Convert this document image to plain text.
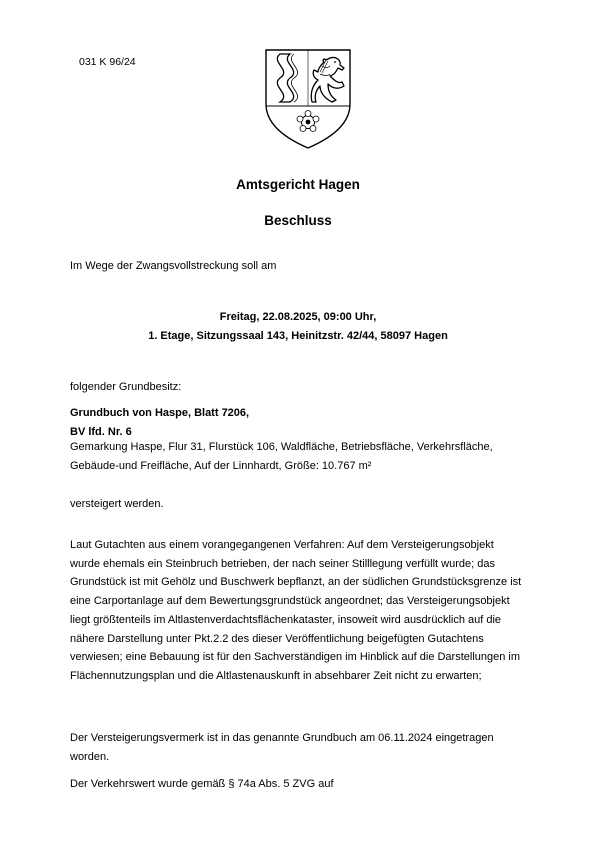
031 K 96/24
Amtsgericht Hagen
Beschluss

Im Wege der Zwangsvollstreckung soll am

Freitag, 22.08.2025, 09:00 Uhr,
1. Etage, Sitzungssaal 143, Heinitzstr. 42/44, 58097 Hagen

folgender Grundbesitz:

Grundbuch von Haspe, Blatt 7206,
BV lfd. Nr. 6

Gemarkung Haspe, Flur 31, Flurstück 106, Waldfläche, Betriebsfläche, Verkehrsfläche, Gebäude-und Freifläche, Auf der Linnhardt, Größe: 10.767 m²

versteigert werden.

Laut Gutachten aus einem vorangegangenen Verfahren: Auf dem Versteigerungsobjekt wurde ehemals ein Steinbruch betrieben, der nach seiner Stilllegung verfüllt wurde; das Grundstück ist mit Gehölz und Buschwerk bepflanzt, an der südlichen Grundstücksgrenze ist eine Carportanlage auf dem Bewertungsgrundstück angeordnet; das Versteigerungsobjekt liegt größtenteils im Altlastenverdachtsflächenkataster, insoweit wird ausdrücklich auf die nähere Darstellung unter Pkt.2.2 des dieser Veröffentlichung beigefügten Gutachtens verwiesen; eine Bebauung ist für den Sachverständigen im Hinblick auf die Darstellungen im Flächennutzungsplan und die Altlastenauskunft in absehbarer Zeit nicht zu erwarten;

Der Versteigerungsvermerk ist in das genannte Grundbuch am 06.11.2024 eingetragen worden.

Der Verkehrswert wurde gemäß § 74a Abs. 5 ZVG auf
